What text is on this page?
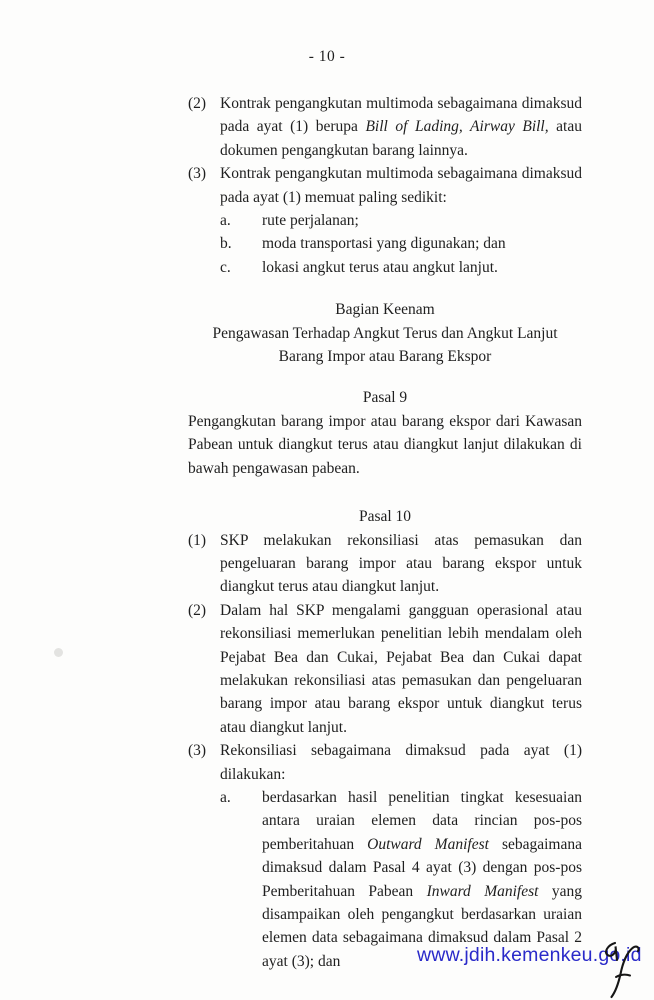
- 10 -
(2) Kontrak pengangkutan multimoda sebagaimana dimaksud pada ayat (1) berupa Bill of Lading, Airway Bill, atau dokumen pengangkutan barang lainnya.
(3) Kontrak pengangkutan multimoda sebagaimana dimaksud pada ayat (1) memuat paling sedikit:
a.	rute perjalanan;
b.	moda transportasi yang digunakan; dan
c.	lokasi angkut terus atau angkut lanjut.
Bagian Keenam
Pengawasan Terhadap Angkut Terus dan Angkut Lanjut
Barang Impor atau Barang Ekspor
Pasal 9
Pengangkutan barang impor atau barang ekspor dari Kawasan Pabean untuk diangkut terus atau diangkut lanjut dilakukan di bawah pengawasan pabean.
Pasal 10
(1) SKP melakukan rekonsiliasi atas pemasukan dan pengeluaran barang impor atau barang ekspor untuk diangkut terus atau diangkut lanjut.
(2) Dalam hal SKP mengalami gangguan operasional atau rekonsiliasi memerlukan penelitian lebih mendalam oleh Pejabat Bea dan Cukai, Pejabat Bea dan Cukai dapat melakukan rekonsiliasi atas pemasukan dan pengeluaran barang impor atau barang ekspor untuk diangkut terus atau diangkut lanjut.
(3) Rekonsiliasi sebagaimana dimaksud pada ayat (1) dilakukan:
a.	berdasarkan hasil penelitian tingkat kesesuaian antara uraian elemen data rincian pos-pos pemberitahuan Outward Manifest sebagaimana dimaksud dalam Pasal 4 ayat (3) dengan pos-pos Pemberitahuan Pabean Inward Manifest yang disampaikan oleh pengangkut berdasarkan uraian elemen data sebagaimana dimaksud dalam Pasal 2 ayat (3); dan	www.jdih.kemenkeu.go.id
